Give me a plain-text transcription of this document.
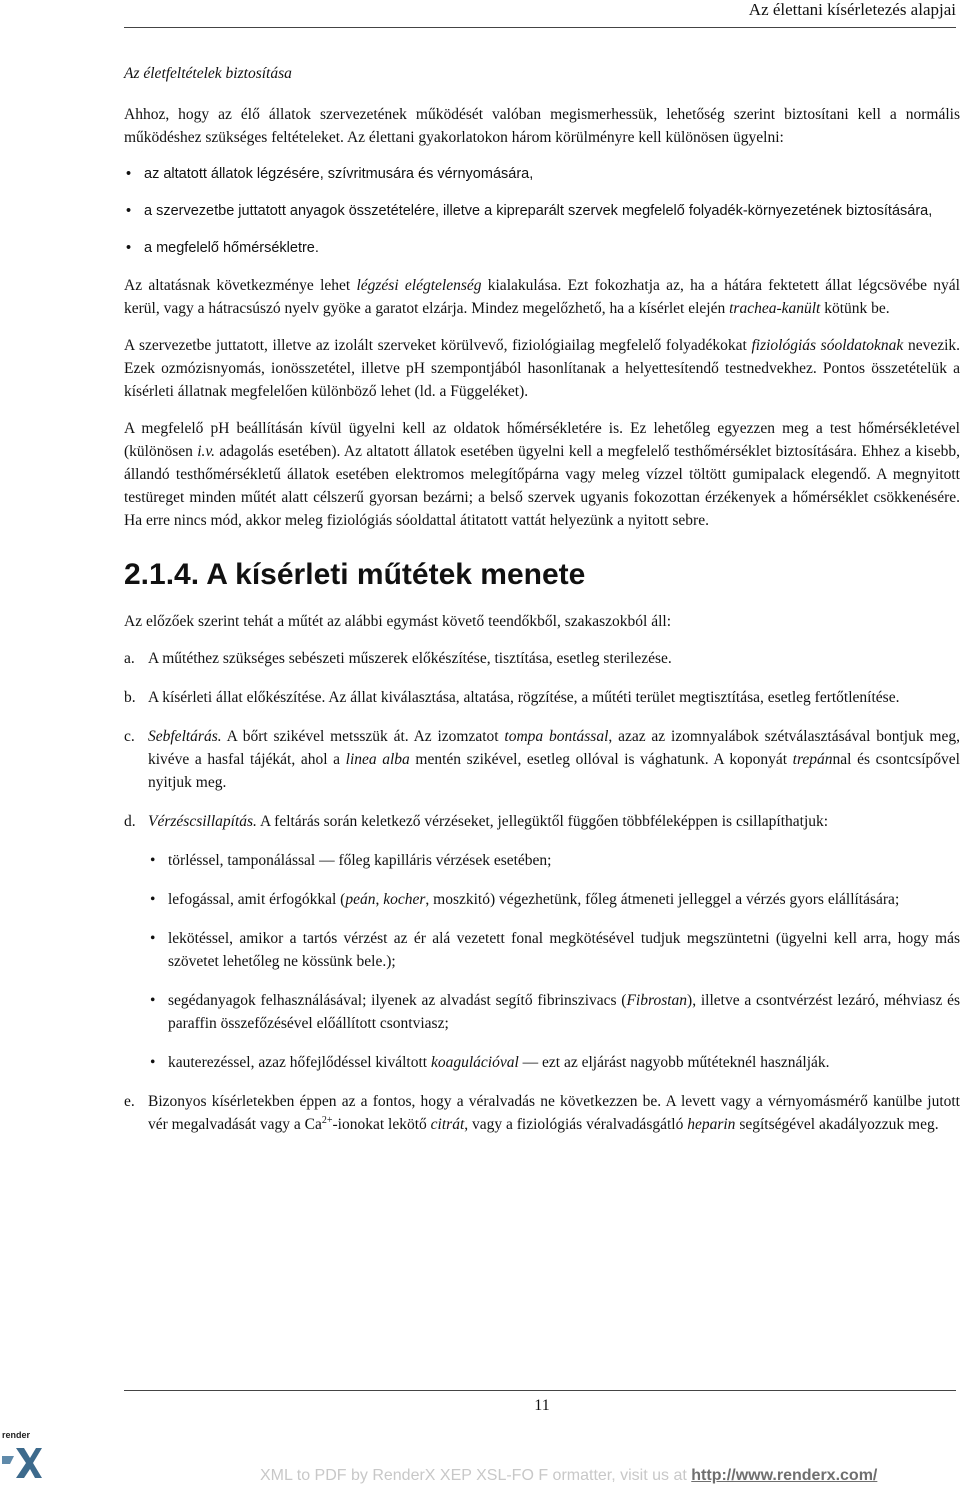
Az élettani kísérletezés alapjai

Az életfeltételek biztosítása

Ahhoz, hogy az élő állatok szervezetének működését valóban megismerhessük, lehetőség szerint biztosítani kell a normális működéshez szükséges feltételeket. Az élettani gyakorlatokon három körülményre kell különösen ügyelni:

• az altatott állatok légzésére, szívritmusára és vérnyomására,
• a szervezetbe juttatott anyagok összetételére, illetve a kipreparált szervek megfelelő folyadék-környezetének biztosítására,
• a megfelelő hőmérsékletre.

Az altatásnak következménye lehet légzési elégtelenség kialakulása. Ezt fokozhatja az, ha a hátára fektetett állat légcsövébe nyál kerül, vagy a hátracsúszó nyelv gyöke a garatot elzárja. Mindez megelőzhető, ha a kísérlet elején trachea-kanült kötünk be.

A szervezetbe juttatott, illetve az izolált szerveket körülvevő, fiziológiailag megfelelő folyadékokat fiziológiás sóoldatoknak nevezik. Ezek ozmózisnyomás, ionösszetétel, illetve pH szempontjából hasonlítanak a helyettesítendő testnedvekhez. Pontos összetételük a kísérleti állatnak megfelelően különböző lehet (ld. a Függeléket).

A megfelelő pH beállításán kívül ügyelni kell az oldatok hőmérsékletére is. Ez lehetőleg egyezzen meg a test hőmérsékletével (különösen i.v. adagolás esetében). Az altatott állatok esetében ügyelni kell a megfelelő testhőmérséklet biztosítására. Ehhez a kisebb, állandó testhőmérsékletű állatok esetében elektromos melegítőpárna vagy meleg vízzel töltött gumipalack elegendő. A megnyitott testüreget minden műtét alatt célszerű gyorsan bezárni; a belső szervek ugyanis fokozottan érzékenyek a hőmérséklet csökkenésére. Ha erre nincs mód, akkor meleg fiziológiás sóoldattal átitatott vattát helyezünk a nyitott sebre.

2.1.4. A kísérleti műtétek menete

Az előzőek szerint tehát a műtét az alábbi egymást követő teendőkből, szakaszokból áll:

a. A műtéthez szükséges sebészeti műszerek előkészítése, tisztítása, esetleg sterilezése.
b. A kísérleti állat előkészítése. Az állat kiválasztása, altatása, rögzítése, a műtéti terület megtisztítása, esetleg fertőtlenítése.
c. Sebfeltárás. A bőrt szikével metsszük át. Az izomzatot tompa bontással, azaz az izomnyalábok szétválasztásával bontjuk meg, kivéve a hasfal tájékát, ahol a linea alba mentén szikével, esetleg ollóval is vághatunk. A koponyát trepánnal és csontcsípővel nyitjuk meg.
d. Vérzéscsillapítás. A feltárás során keletkező vérzéseket, jellegüktől függően többféleképpen is csillapíthatjuk:
• törléssel, tamponálással — főleg kapilláris vérzések esetében;
• lefogással, amit érfogókkal (peán, kocher, moszkitó) végezhetünk, főleg átmeneti jelleggel a vérzés gyors elállítására;
• lekötéssel, amikor a tartós vérzést az ér alá vezetett fonal megkötésével tudjuk megszüntetni (ügyelni kell arra, hogy más szövetet lehetőleg ne kössünk bele.);
• segédanyagok felhasználásával; ilyenek az alvadást segítő fibrinszivacs (Fibrostan), illetve a csontvérzést lezáró, méhviasz és paraffin összefőzésével előállított csontviasz;
• kauterezéssel, azaz hőfejlődéssel kiváltott koagulációval — ezt az eljárást nagyobb műtéteknél használják.
e. Bizonyos kísérletekben éppen az a fontos, hogy a véralvadás ne következzen be. A levett vagy a vérnyomásmérő kanülbe jutott vér megalvadását vagy a $Ca^{2+}$-ionokat lekötő citrát, vagy a fiziológiás véralvadásgátló heparin segítségével akadályozzuk meg.
11
render
XML to PDF by RenderX XEP XSL-FO F ormatter, visit us at http://www.renderx.com/
